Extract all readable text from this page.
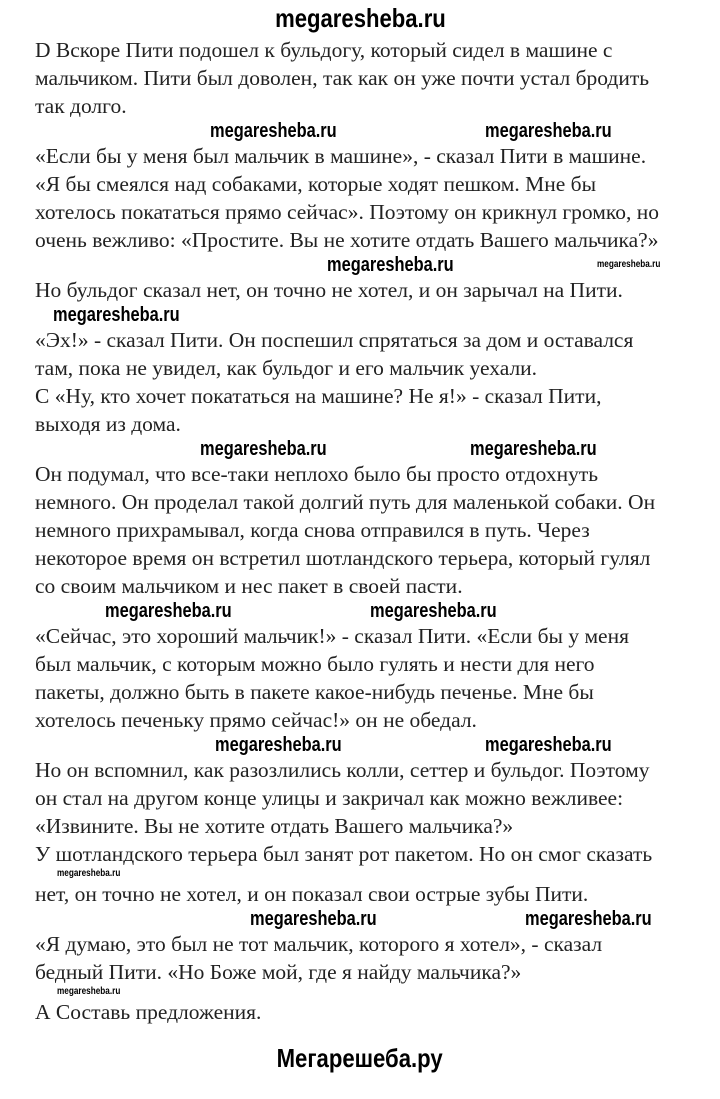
megaresheba.ru
D Вскоре Пити подошел к бульдогу, который сидел в машине с
мальчиком. Пити был доволен, так как он уже почти устал бродить
так долго.
megaresheba.ru	megaresheba.ru
«Если бы у меня был мальчик в машине», - сказал Пити в машине.
«Я бы смеялся над собаками, которые ходят пешком. Мне бы
хотелось покататься прямо сейчас». Поэтому он крикнул громко, но
очень вежливо: «Простите. Вы не хотите отдать Вашего мальчика?»
megaresheba.ru	megaresheba.ru
Но бульдог сказал нет, он точно не хотел, и он зарычал на Пити.
megaresheba.ru
«Эх!» - сказал Пити. Он поспешил спрятаться за дом и оставался
там, пока не увидел, как бульдог и его мальчик уехали.
С «Ну, кто хочет покататься на машине? Не я!» - сказал Пити,
выходя из дома.
megaresheba.ru	megaresheba.ru
Он подумал, что все-таки неплохо было бы просто отдохнуть
немного. Он проделал такой долгий путь для маленькой собаки. Он
немного прихрамывал, когда снова отправился в путь. Через
некоторое время он встретил шотландского терьера, который гулял
со своим мальчиком и нес пакет в своей пасти.
megaresheba.ru	megaresheba.ru
«Сейчас, это хороший мальчик!» - сказал Пити. «Если бы у меня
был мальчик, с которым можно было гулять и нести для него
пакеты, должно быть в пакете какое-нибудь печенье. Мне бы
хотелось печеньку прямо сейчас!» он не обедал.
megaresheba.ru	megaresheba.ru
Но он вспомнил, как разозлились колли, сеттер и бульдог. Поэтому
он стал на другом конце улицы и закричал как можно вежливее:
«Извините. Вы не хотите отдать Вашего мальчика?»
У шотландского терьера был занят рот пакетом. Но он смог сказать
megaresheba.ru
нет, он точно не хотел, и он показал свои острые зубы Пити.
megaresheba.ru	megaresheba.ru
«Я думаю, это был не тот мальчик, которого я хотел», - сказал
бедный Пити. «Но Боже мой, где я найду мальчика?»
megaresheba.ru
А Составь предложения.
Мегарешеба.ру
